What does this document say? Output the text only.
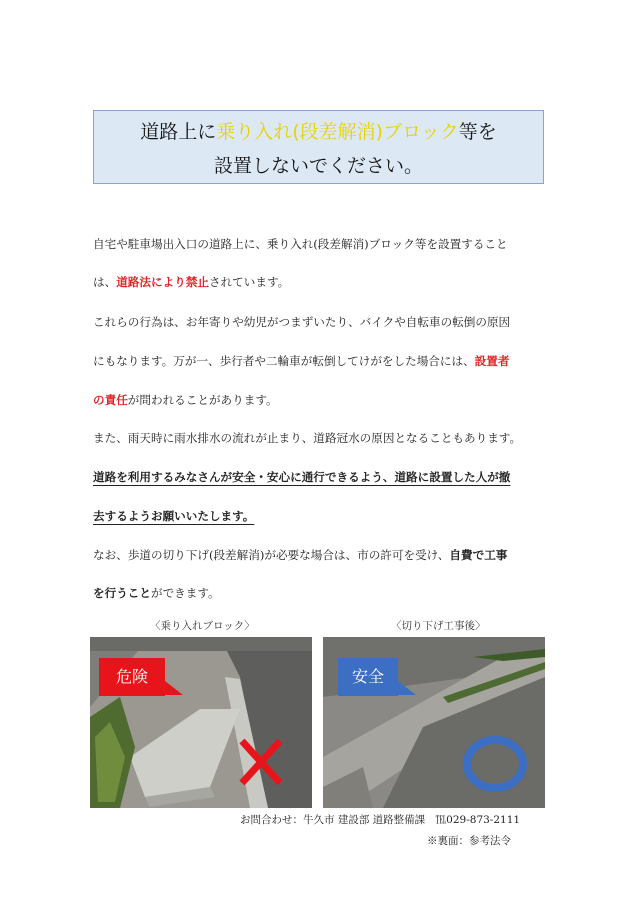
道路上に乗り入れ(段差解消)ブロック等を
設置しないでください。
自宅や駐車場出入口の道路上に、乗り入れ(段差解消)ブロック等を設置すること
は、道路法により禁止されています。
これらの行為は、お年寄りや幼児がつまずいたり、バイクや自転車の転倒の原因
にもなります。万が一、歩行者や二輪車が転倒してけがをした場合には、設置者
の責任が問われることがあります。
また、雨天時に雨水排水の流れが止まり、道路冠水の原因となることもあります。
道路を利用するみなさんが安全・安心に通行できるよう、道路に設置した人が撤
去するようお願いいたします。
なお、歩道の切り下げ(段差解消)が必要な場合は、市の許可を受け、自費で工事
を行うことができます。
〈乗り入れブロック〉	〈切り下げ工事後〉
危険	安全
お問合わせ：牛久市 建設部 道路整備課　℡029-873-2111
※裏面：参考法令
